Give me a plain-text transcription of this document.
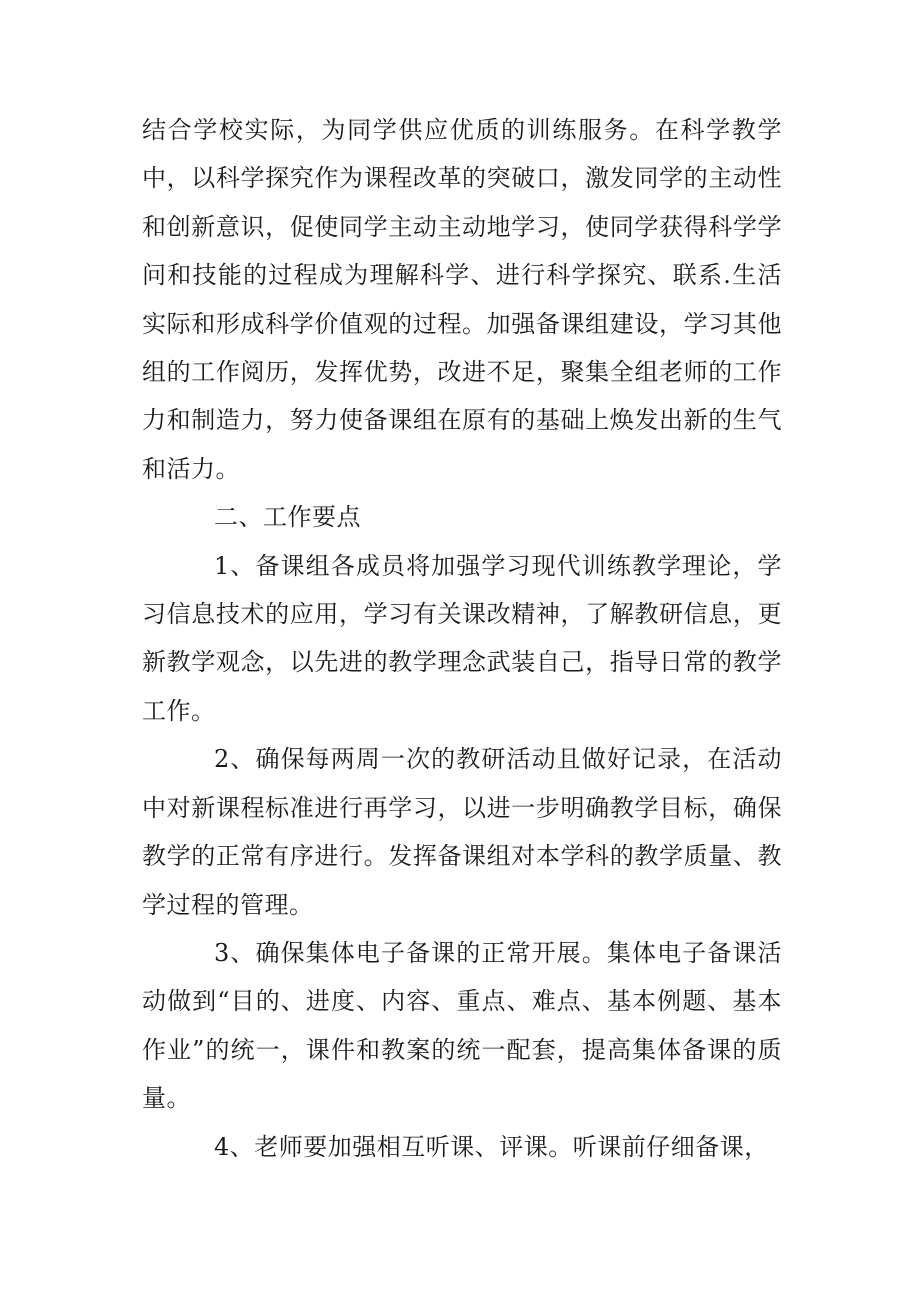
结合学校实际，为同学供应优质的训练服务。在科学教学中，以科学探究作为课程改革的突破口，激发同学的主动性和创新意识，促使同学主动主动地学习，使同学获得科学学问和技能的过程成为理解科学、进行科学探究、联系.生活实际和形成科学价值观的过程。加强备课组建设，学习其他组的工作阅历，发挥优势，改进不足，聚集全组老师的工作力和制造力，努力使备课组在原有的基础上焕发出新的生气和活力。

二、工作要点

1、备课组各成员将加强学习现代训练教学理论，学习信息技术的应用，学习有关课改精神，了解教研信息，更新教学观念，以先进的教学理念武装自己，指导日常的教学工作。

2、确保每两周一次的教研活动且做好记录，在活动中对新课程标准进行再学习，以进一步明确教学目标，确保教学的正常有序进行。发挥备课组对本学科的教学质量、教学过程的管理。

3、确保集体电子备课的正常开展。集体电子备课活动做到“目的、进度、内容、重点、难点、基本例题、基本作业”的统一，课件和教案的统一配套，提高集体备课的质量。

4、老师要加强相互听课、评课。听课前仔细备课，
